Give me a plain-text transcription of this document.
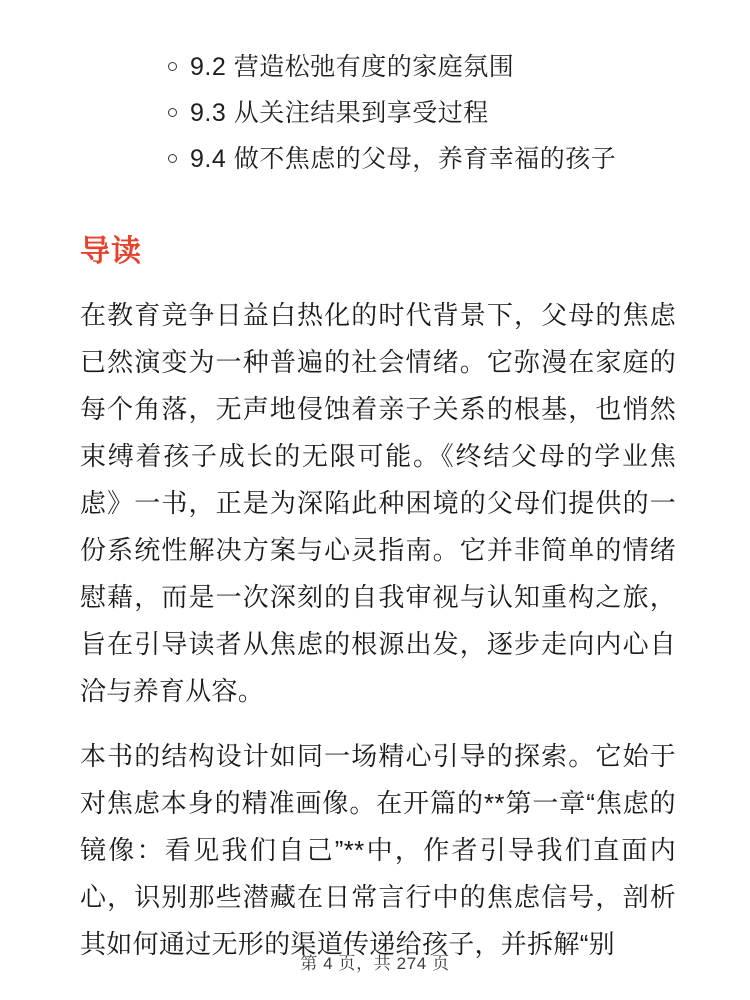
9.2 营造松弛有度的家庭氛围
9.3 从关注结果到享受过程
9.4 做不焦虑的父母，养育幸福的孩子
导读

在教育竞争日益白热化的时代背景下，父母的焦虑已然演变为一种普遍的社会情绪。它弥漫在家庭的每个角落，无声地侵蚀着亲子关系的根基，也悄然束缚着孩子成长的无限可能。《终结父母的学业焦虑》一书，正是为深陷此种困境的父母们提供的一份系统性解决方案与心灵指南。它并非简单的情绪慰藉，而是一次深刻的自我审视与认知重构之旅，旨在引导读者从焦虑的根源出发，逐步走向内心自洽与养育从容。

本书的结构设计如同一场精心引导的探索。它始于对焦虑本身的精准画像。在开篇的**第一章“焦虑的镜像：看见我们自己”**中，作者引导我们直面内心，识别那些潜藏在日常言行中的焦虑信号，剖析其如何通过无形的渠道传递给孩子，并拆解“别

第 4 页，共 274 页
